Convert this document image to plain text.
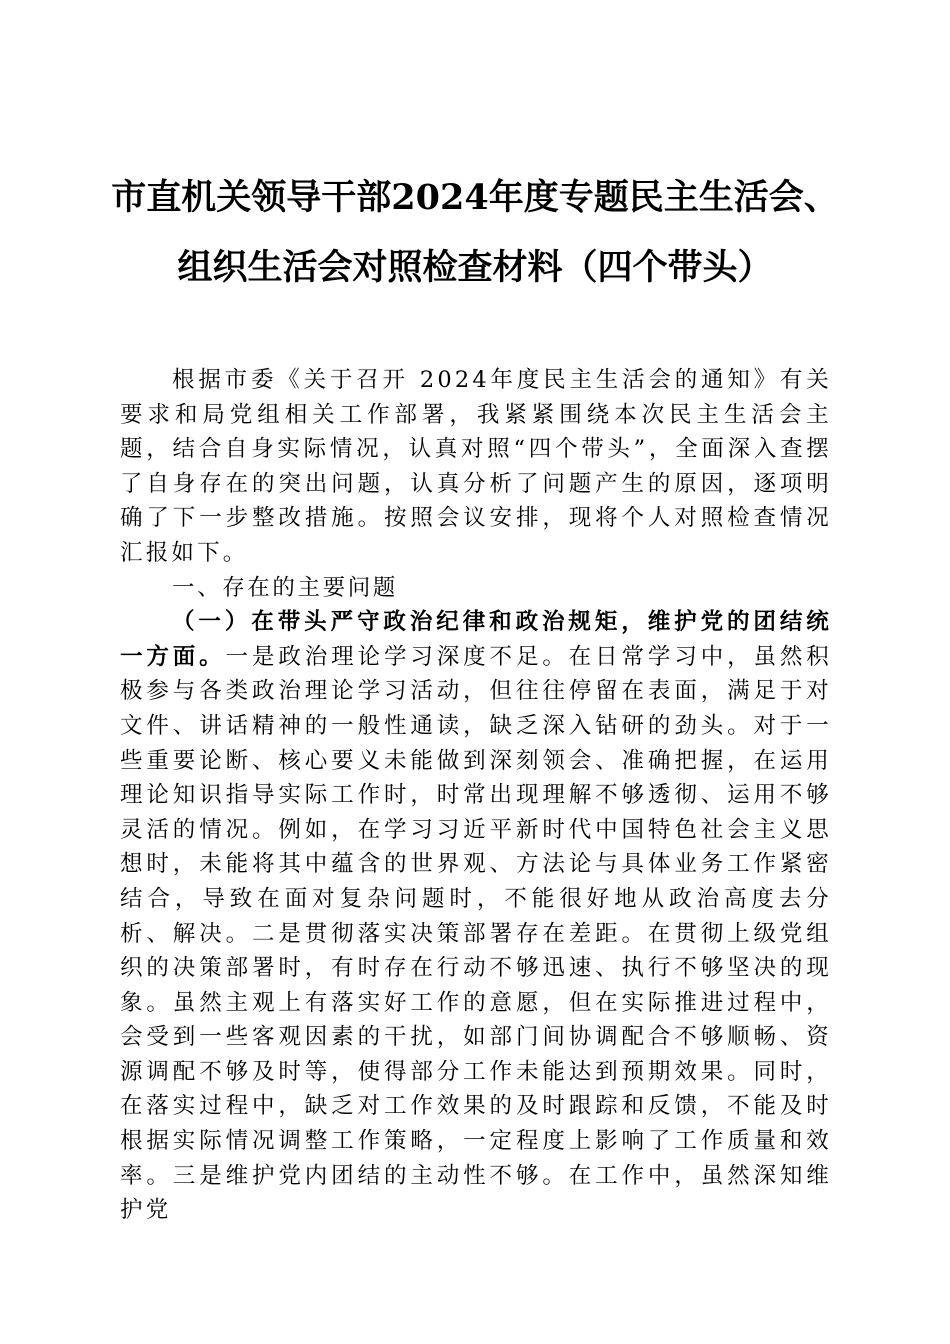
市直机关领导干部2024年度专题民主生活会、
组织生活会对照检查材料（四个带头）

根据市委《关于召开 2024年度民主生活会的通知》有关要求和局党组相关工作部署，我紧紧围绕本次民主生活会主题，结合自身实际情况，认真对照“四个带头”，全面深入查摆了自身存在的突出问题，认真分析了问题产生的原因，逐项明确了下一步整改措施。按照会议安排，现将个人对照检查情况汇报如下。

一、存在的主要问题

（一）在带头严守政治纪律和政治规矩，维护党的团结统一方面。一是政治理论学习深度不足。在日常学习中，虽然积极参与各类政治理论学习活动，但往往停留在表面，满足于对文件、讲话精神的一般性通读，缺乏深入钻研的劲头。对于一些重要论断、核心要义未能做到深刻领会、准确把握，在运用理论知识指导实际工作时，时常出现理解不够透彻、运用不够灵活的情况。例如，在学习习近平新时代中国特色社会主义思想时，未能将其中蕴含的世界观、方法论与具体业务工作紧密结合，导致在面对复杂问题时，不能很好地从政治高度去分析、解决。二是贯彻落实决策部署存在差距。在贯彻上级党组织的决策部署时，有时存在行动不够迅速、执行不够坚决的现象。虽然主观上有落实好工作的意愿，但在实际推进过程中，会受到一些客观因素的干扰，如部门间协调配合不够顺畅、资源调配不够及时等，使得部分工作未能达到预期效果。同时，在落实过程中，缺乏对工作效果的及时跟踪和反馈，不能及时根据实际情况调整工作策略，一定程度上影响了工作质量和效率。三是维护党内团结的主动性不够。在工作中，虽然深知维护党
